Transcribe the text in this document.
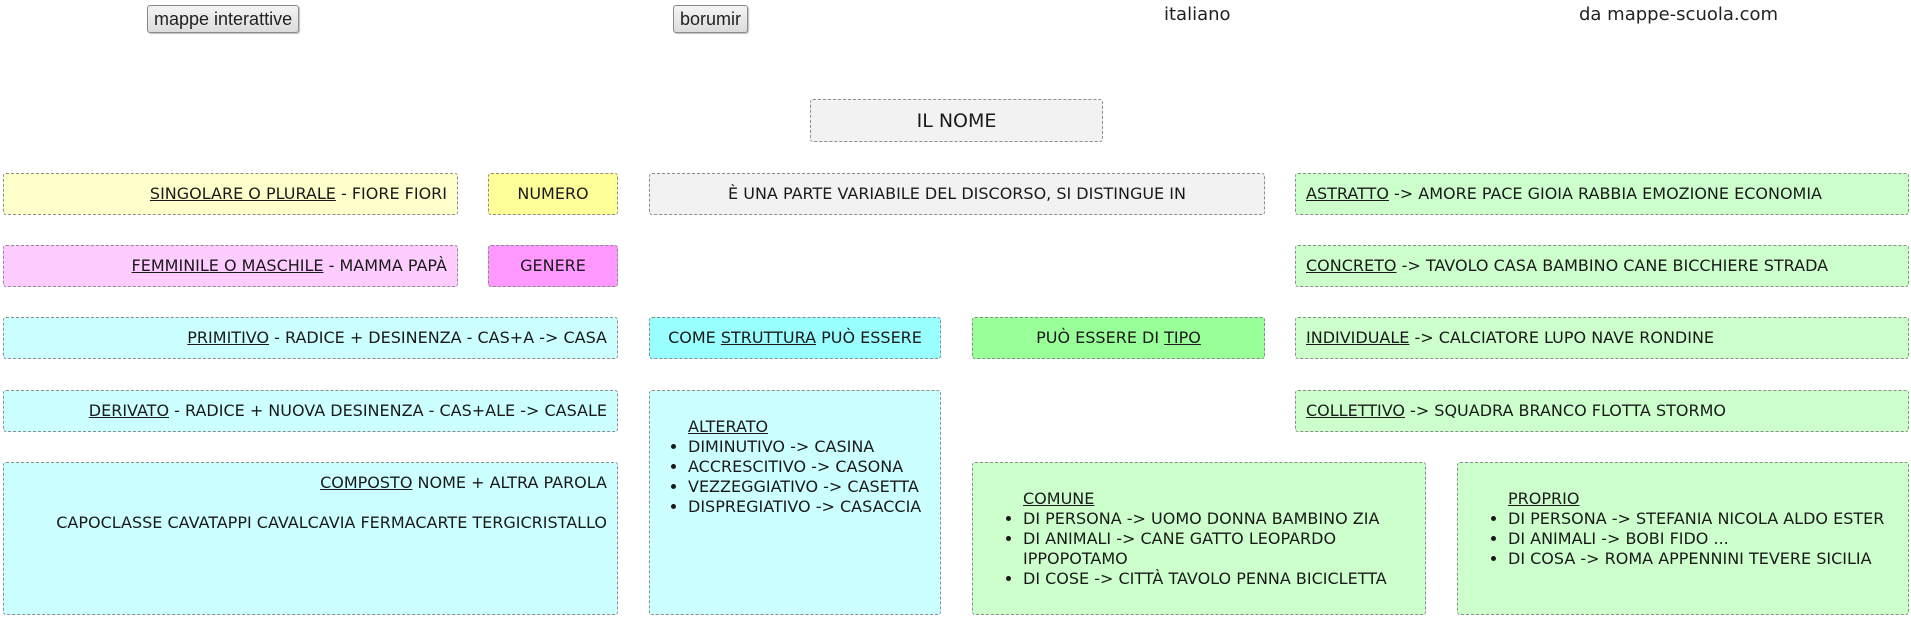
mappe interattive	borumir	italiano	da mappe-scuola.com
IL NOME
SINGOLARE O PLURALE - FIORE FIORI	NUMERO	È UNA PARTE VARIABILE DEL DISCORSO, SI DISTINGUE IN	ASTRATTO -> AMORE PACE GIOIA RABBIA EMOZIONE ECONOMIA
FEMMINILE O MASCHILE - MAMMA PAPÀ	GENERE	CONCRETO -> TAVOLO CASA BAMBINO CANE BICCHIERE STRADA
PRIMITIVO - RADICE + DESINENZA - CAS+A -> CASA	COME STRUTTURA PUÒ ESSERE	PUÒ ESSERE DI TIPO	INDIVIDUALE -> CALCIATORE LUPO NAVE RONDINE
DERIVATO - RADICE + NUOVA DESINENZA - CAS+ALE -> CASALE
ALTERATO
• DIMINUTIVO -> CASINA
• ACCRESCITIVO -> CASONA
• VEZZEGGIATIVO -> CASETTA
• DISPREGIATIVO -> CASACCIA
COLLETTIVO -> SQUADRA BRANCO FLOTTA STORMO
COMPOSTO NOME + ALTRA PAROLA
CAPOCLASSE CAVATAPPI CAVALCAVIA FERMACARTE TERGICRISTALLO
COMUNE
• DI PERSONA -> UOMO DONNA BAMBINO ZIA
• DI ANIMALI -> CANE GATTO LEOPARDO IPPOPOTAMO
• DI COSE -> CITTÀ TAVOLO PENNA BICICLETTA
PROPRIO
• DI PERSONA -> STEFANIA NICOLA ALDO ESTER
• DI ANIMALI -> BOBI FIDO ...
• DI COSA -> ROMA APPENNINI TEVERE SICILIA
